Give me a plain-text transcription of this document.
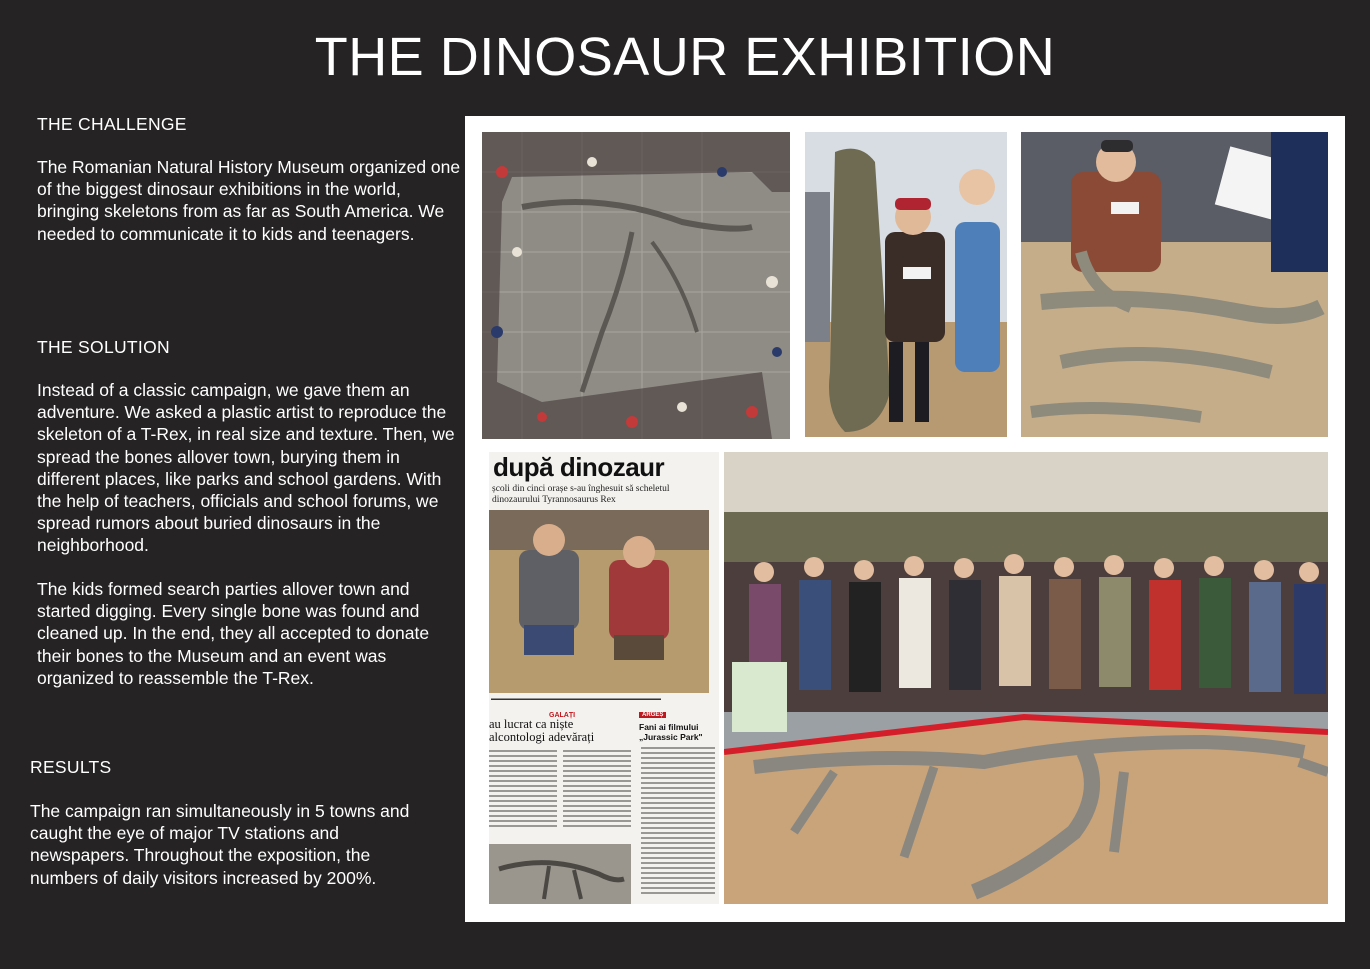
THE DINOSAUR EXHIBITION
THE CHALLENGE
The Romanian Natural History Museum organized one of the biggest dinosaur exhibitions in the world, bringing skeletons from as far as South America. We needed to communicate it to kids and teenagers.
THE SOLUTION
Instead of a classic campaign, we gave them an adventure. We asked a plastic artist to reproduce the skeleton of a T-Rex, in real size and texture. Then, we spread the bones allover town, burying them in different places, like parks and school gardens. With the help of teachers, officials and school forums, we spread rumors about buried dinosaurs in the neighborhood.
The kids formed search parties allover town and started digging. Every single bone was found and cleaned up. In the end, they all accepted to donate their bones to the Museum and an event was organized to reassemble the T-Rex.
RESULTS
The campaign ran simultaneously in 5 towns and caught the eye of major TV stations and newspapers. Throughout the exposition, the numbers of daily visitors increased by 200%.
după dinozaur
școli din cinci orașe s-au înghesuit să scheletul dinozaurului Tyrannosaurus Rex
▬▬▬▬▬▬▬▬▬▬▬▬▬▬▬▬▬▬▬▬▬▬▬▬▬▬▬▬▬▬▬▬▬▬
GALAȚI	ARGEȘ
au lucrat ca niște alcontologi adevărați
Fani ai filmului „Jurassic Park"
